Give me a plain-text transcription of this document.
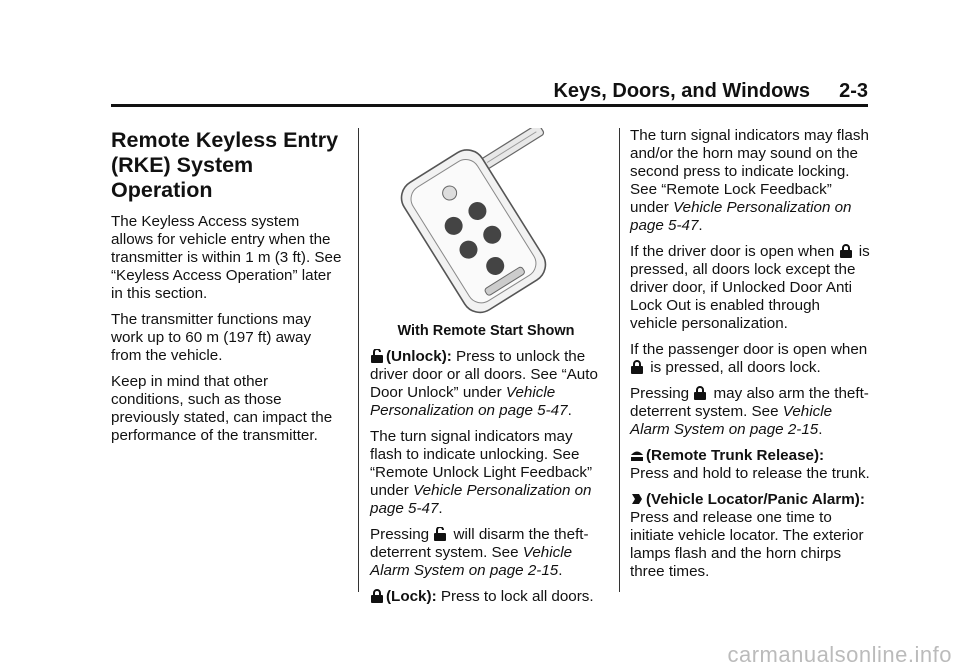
Keys, Doors, and Windows 2-3
Remote Keyless Entry
(RKE) System Operation

The Keyless Access system allows for vehicle entry when the transmitter is within 1 m (3 ft). See “Keyless Access Operation” later in this section.

The transmitter functions may work up to 60 m (197 ft) away from the vehicle.

Keep in mind that other conditions, such as those previously stated, can impact the performance of the transmitter.

With Remote Start Shown

(Unlock): Press to unlock the driver door or all doors. See “Auto Door Unlock” under Vehicle Personalization on page 5‑47.

The turn signal indicators may flash to indicate unlocking. See “Remote Unlock Light Feedback” under Vehicle Personalization on page 5‑47.

Pressing  will disarm the theft-deterrent system. See Vehicle Alarm System on page 2‑15.

(Lock): Press to lock all doors.

The turn signal indicators may flash and/or the horn may sound on the second press to indicate locking. See “Remote Lock Feedback” under Vehicle Personalization on page 5‑47.

If the driver door is open when  is pressed, all doors lock except the driver door, if Unlocked Door Anti Lock Out is enabled through vehicle personalization.

If the passenger door is open when
is pressed, all doors lock.

Pressing  may also arm the theft-deterrent system. See Vehicle Alarm System on page 2‑15.

(Remote Trunk Release):
Press and hold to release the trunk.

(Vehicle Locator/Panic Alarm): Press and release one time to initiate vehicle locator. The exterior lamps flash and the horn chirps three times.

carmanualsonline.info
